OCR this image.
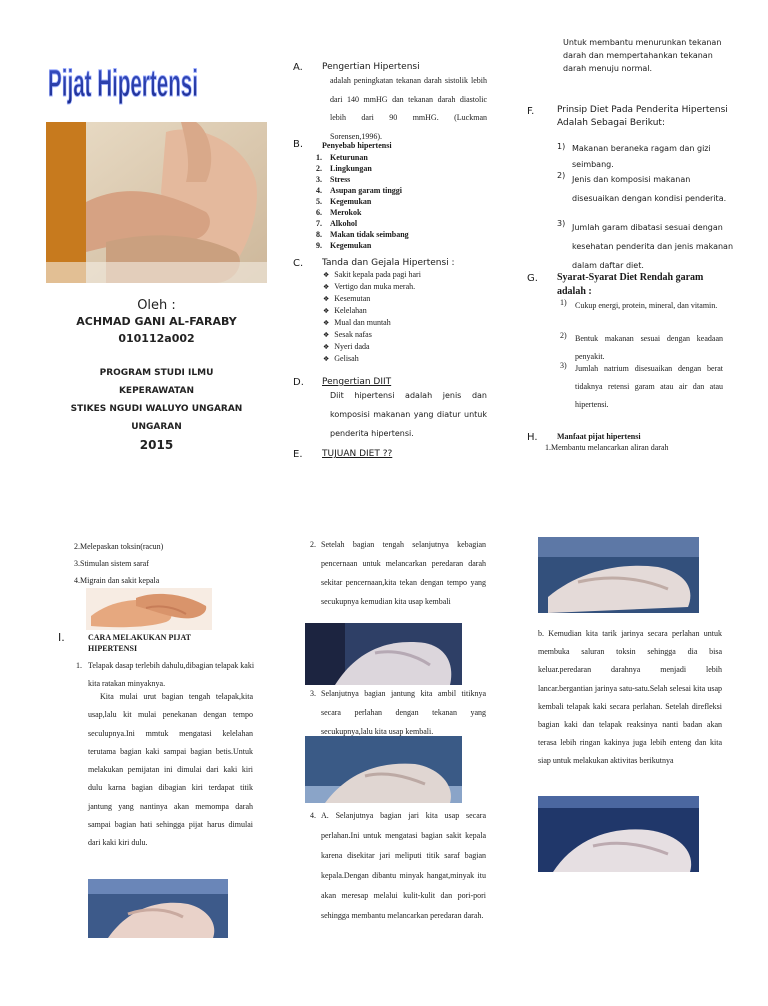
Pijat Hipertensi
Oleh :
ACHMAD GANI AL-FARABY
010112a002
PROGRAM STUDI ILMU
KEPERAWATAN
STIKES NGUDI WALUYO UNGARAN
UNGARAN
2015
A. Pengertian Hipertensi
adalah peningkatan tekanan darah sistolik lebih dari 140 mmHG dan tekanan darah diastolic lebih dari 90 mmHG. (Luckman Sorensen,1996).
B. Penyebab hipertensi
1.	Keturunan
2.	Lingkungan
3.	Stress
4.	Asupan garam tinggi
5.	Kegemukan
6.	Merokok
7.	Alkohol
8.	Makan tidak seimbang
9.	Kegemukan
C. Tanda dan Gejala Hipertensi :
❖ Sakit kepala pada pagi hari
❖ Vertigo dan muka merah.
❖ Kesemutan
❖ Kelelahan
❖ Mual dan muntah
❖ Sesak nafas
❖ Nyeri dada
❖ Gelisah
D. Pengertian DIIT
Diit hipertensi adalah jenis dan komposisi makanan yang diatur untuk penderita hipertensi.
E. TUJUAN DIET ??
Untuk membantu menurunkan tekanan darah dan mempertahankan tekanan darah menuju normal.
F.	Prinsip Diet Pada Penderita Hipertensi Adalah Sebagai Berikut:
1) Makanan beraneka ragam dan gizi seimbang.
2) Jenis dan komposisi makanan disesuaikan dengan kondisi penderita.
3) Jumlah garam dibatasi sesuai dengan kesehatan penderita dan jenis makanan dalam daftar diet.
G. Syarat-Syarat Diet Rendah garam adalah :
1)	Cukup energi, protein, mineral, dan vitamin.
2)	Bentuk makanan sesuai dengan keadaan penyakit.
3)	Jumlah natrium disesuaikan dengan berat tidaknya retensi garam atau air dan atau hipertensi.
H. Manfaat pijat hipertensi
1.Membantu melancarkan aliran darah
2.Melepaskan toksin(racun)
3.Stimulan sistem saraf
4.Migrain dan sakit kepala
I.	CARA MELAKUKAN PIJAT HIPERTENSI
1. Telapak dasap terlebih dahulu,dibagian telapak kaki kita ratakan minyaknya.
Kita mulai urut bagian tengah telapak,kita usap,lalu kit mulai penekanan dengan tempo seculupnya.Ini mmtuk mengatasi kelelahan terutama bagian kaki sampai bagian betis.Untuk melakukan pemijatan ini dimulai dari kaki kiri dulu karna bagian dibagian kiri terdapat titik jantung yang nantinya akan memompa darah sampai bagian hati sehingga pijat harus dimulai dari kaki kiri dulu.
2. Setelah bagian tengah selanjutnya kebagian pencernaan untuk melancarkan peredaran darah sekitar pencernaan,kita tekan dengan tempo yang secukupnya kemudian kita usap kembali
3. Selanjutnya bagian jantung kita ambil titiknya secara perlahan dengan tekanan yang secukupnya,lalu kita usap kembali.
4. A. Selanjutnya bagian jari kita usap secara perlahan.Ini untuk mengatasi bagian sakit kepala karena disekitar jari meliputi titik saraf bagian kepala.Dengan dibantu minyak hangat,minyak itu akan meresap melalui kulit-kulit dan pori-pori sehingga membantu melancarkan peredaran darah.
b. Kemudian kita tarik jarinya secara perlahan untuk membuka saluran toksin sehingga dia bisa keluar.peredaran darahnya menjadi lebih lancar.bergantian jarinya satu-satu.Selah selesai kita usap kembali telapak kaki secara perlahan. Setelah direfleksi bagian kaki dan telapak reaksinya nanti badan akan terasa lebih ringan kakinya juga lebih enteng dan kita siap untuk melakukan aktivitas berikutnya
